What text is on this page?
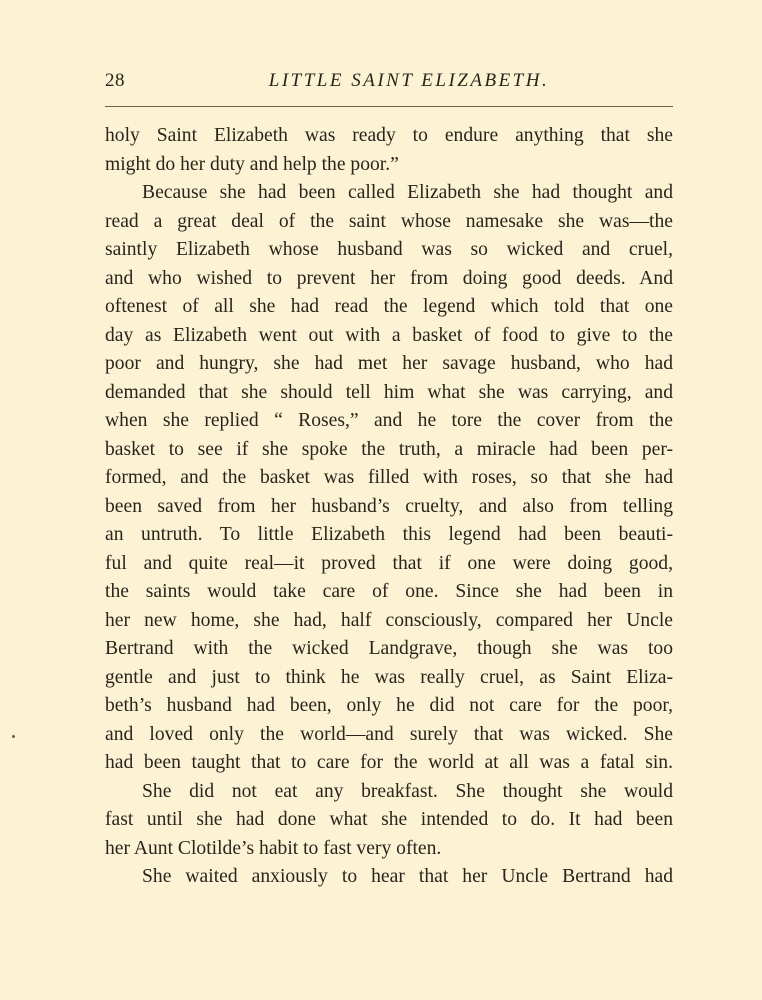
28	LITTLE SAINT ELIZABETH.
holy Saint Elizabeth was ready to endure anything that she
might do her duty and help the poor.”
Because she had been called Elizabeth she had thought and
read a great deal of the saint whose namesake she was—the
saintly Elizabeth whose husband was so wicked and cruel,
and who wished to prevent her from doing good deeds. And
oftenest of all she had read the legend which told that one
day as Elizabeth went out with a basket of food to give to the
poor and hungry, she had met her savage husband, who had
demanded that she should tell him what she was carrying, and
when she replied “ Roses,” and he tore the cover from the
basket to see if she spoke the truth, a miracle had been per-
formed, and the basket was filled with roses, so that she had
been saved from her husband’s cruelty, and also from telling
an untruth. To little Elizabeth this legend had been beauti-
ful and quite real—it proved that if one were doing good,
the saints would take care of one. Since she had been in
her new home, she had, half consciously, compared her Uncle
Bertrand with the wicked Landgrave, though she was too
gentle and just to think he was really cruel, as Saint Eliza-
beth’s husband had been, only he did not care for the poor,
and loved only the world—and surely that was wicked. She
had been taught that to care for the world at all was a fatal sin.
She did not eat any breakfast. She thought she would
fast until she had done what she intended to do. It had been
her Aunt Clotilde’s habit to fast very often.
She waited anxiously to hear that her Uncle Bertrand had
